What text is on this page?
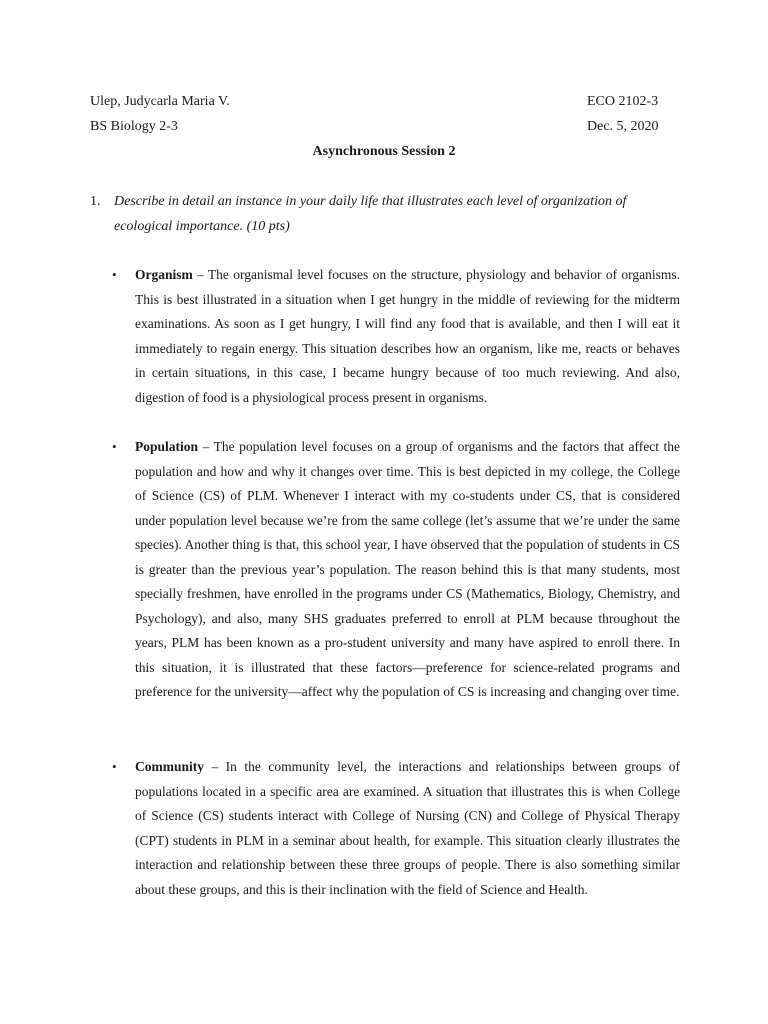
Ulep, Judycarla Maria V.	ECO 2102-3
BS Biology 2-3	Dec. 5, 2020
Asynchronous Session 2
1. Describe in detail an instance in your daily life that illustrates each level of organization of ecological importance. (10 pts)
•	Organism – The organismal level focuses on the structure, physiology and behavior of organisms. This is best illustrated in a situation when I get hungry in the middle of reviewing for the midterm examinations. As soon as I get hungry, I will find any food that is available, and then I will eat it immediately to regain energy. This situation describes how an organism, like me, reacts or behaves in certain situations, in this case, I became hungry because of too much reviewing. And also, digestion of food is a physiological process present in organisms.
•	Population – The population level focuses on a group of organisms and the factors that affect the population and how and why it changes over time. This is best depicted in my college, the College of Science (CS) of PLM. Whenever I interact with my co-students under CS, that is considered under population level because we’re from the same college (let’s assume that we’re under the same species). Another thing is that, this school year, I have observed that the population of students in CS is greater than the previous year’s population. The reason behind this is that many students, most specially freshmen, have enrolled in the programs under CS (Mathematics, Biology, Chemistry, and Psychology), and also, many SHS graduates preferred to enroll at PLM because throughout the years, PLM has been known as a pro-student university and many have aspired to enroll there. In this situation, it is illustrated that these factors—preference for science-related programs and preference for the university—affect why the population of CS is increasing and changing over time.
•	Community – In the community level, the interactions and relationships between groups of populations located in a specific area are examined. A situation that illustrates this is when College of Science (CS) students interact with College of Nursing (CN) and College of Physical Therapy (CPT) students in PLM in a seminar about health, for example. This situation clearly illustrates the interaction and relationship between these three groups of people. There is also something similar about these groups, and this is their inclination with the field of Science and Health.
